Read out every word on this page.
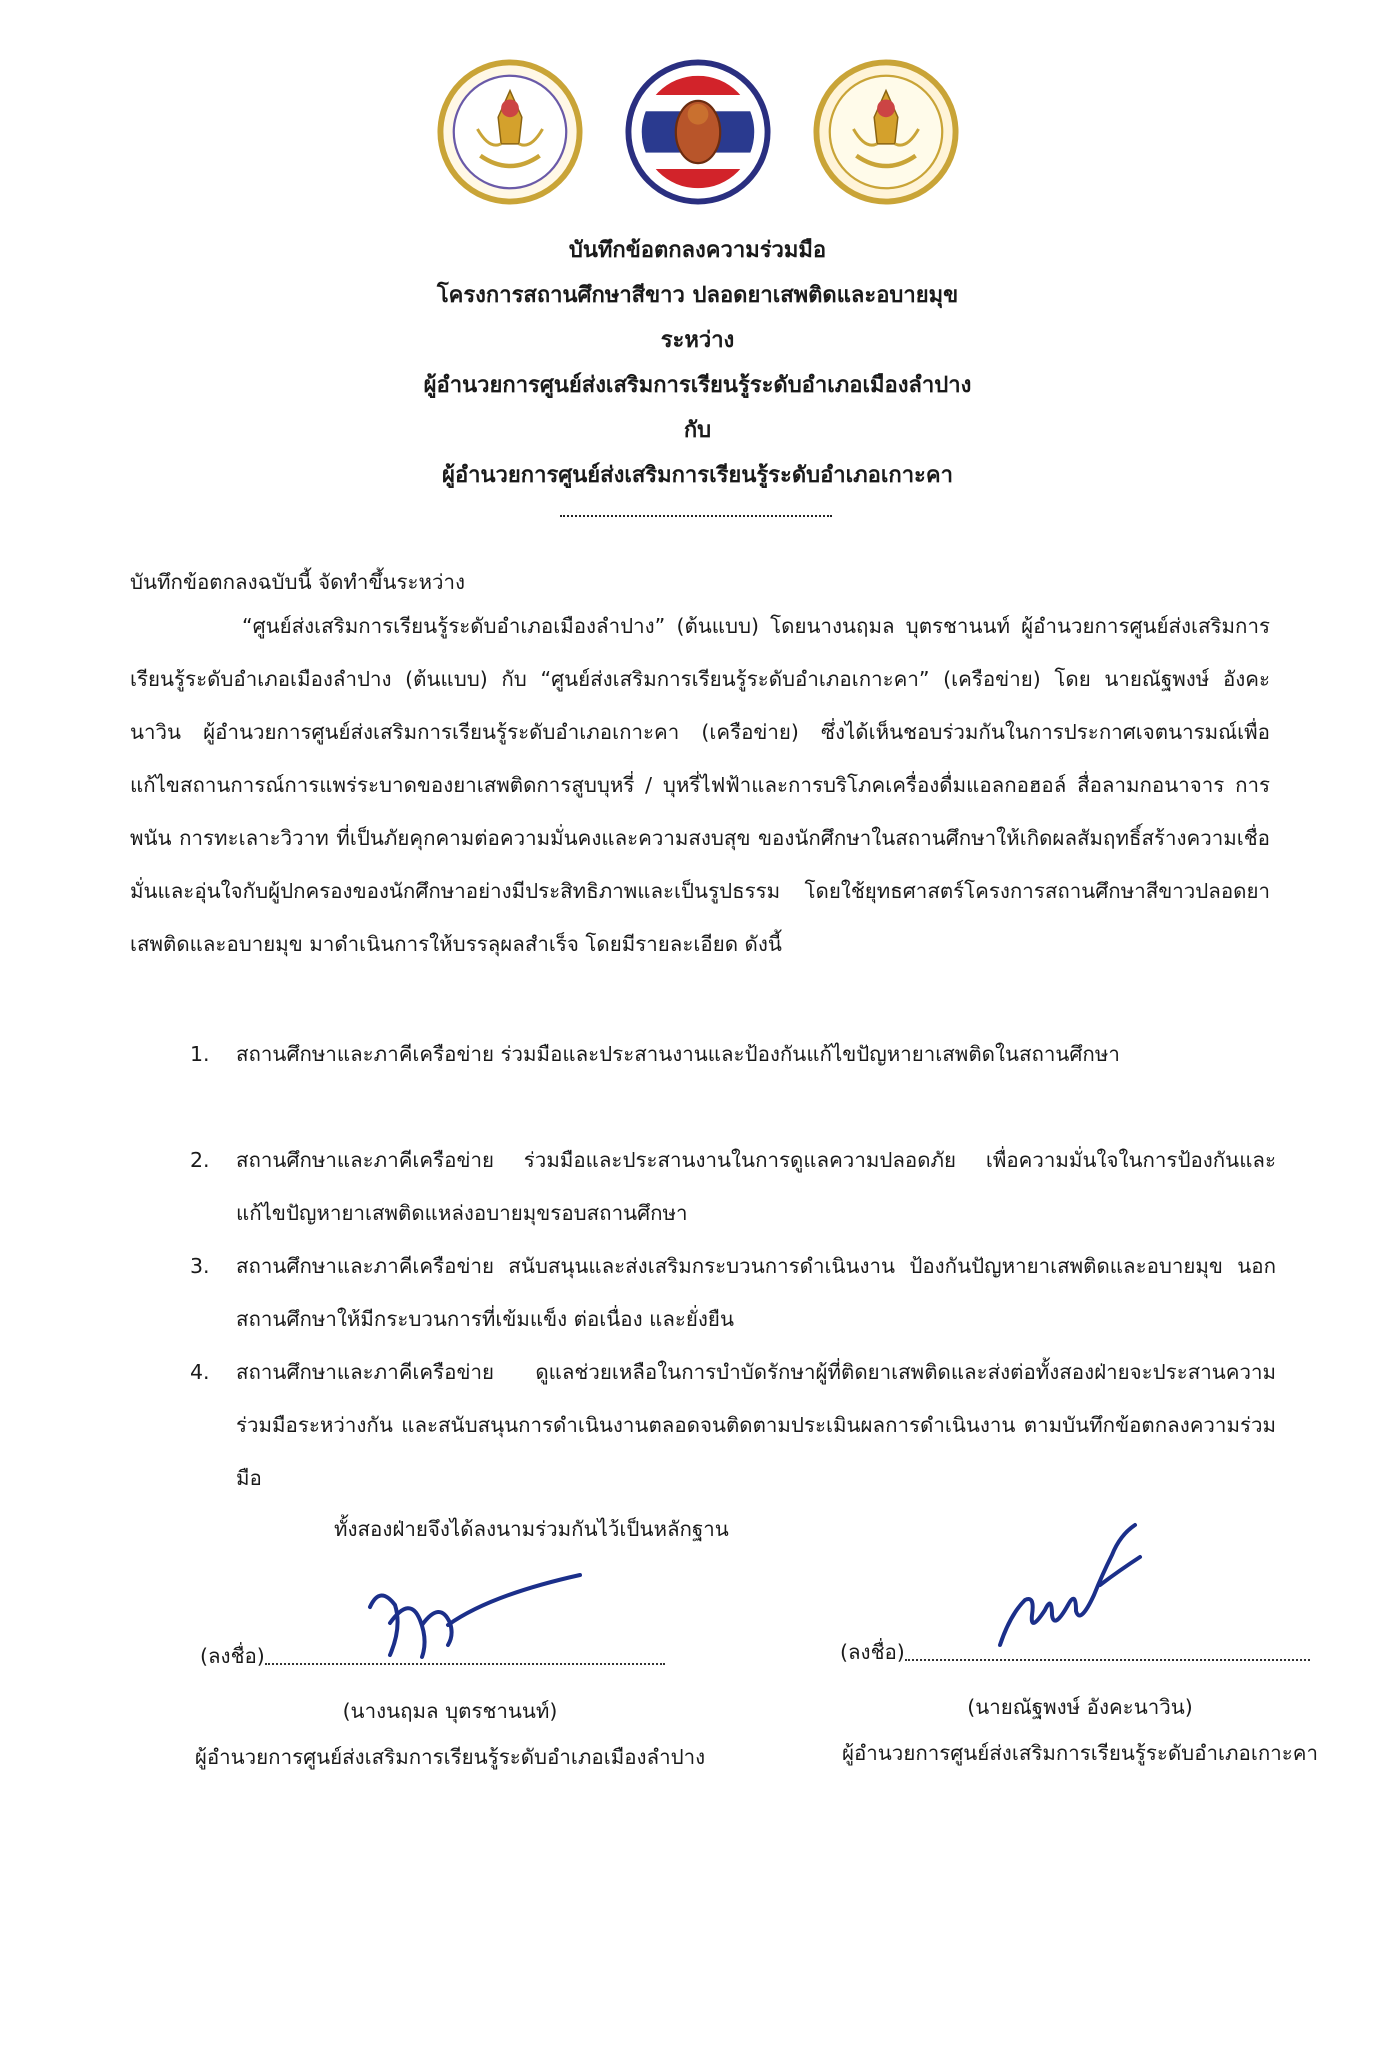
บันทึกข้อตกลงความร่วมมือ
โครงการสถานศึกษาสีขาว ปลอดยาเสพติดและอบายมุข
ระหว่าง
ผู้อำนวยการศูนย์ส่งเสริมการเรียนรู้ระดับอำเภอเมืองลำปาง
กับ
ผู้อำนวยการศูนย์ส่งเสริมการเรียนรู้ระดับอำเภอเกาะคา

บันทึกข้อตกลงฉบับนี้ จัดทำขึ้นระหว่าง

“ศูนย์ส่งเสริมการเรียนรู้ระดับอำเภอเมืองลำปาง” (ต้นแบบ) โดยนางนฤมล บุตรชานนท์ ผู้อำนวยการศูนย์ส่งเสริมการเรียนรู้ระดับอำเภอเมืองลำปาง (ต้นแบบ) กับ “ศูนย์ส่งเสริมการเรียนรู้ระดับอำเภอเกาะคา” (เครือข่าย) โดย นายณัฐพงษ์ อังคะนาวิน ผู้อำนวยการศูนย์ส่งเสริมการเรียนรู้ระดับอำเภอเกาะคา (เครือข่าย) ซึ่งได้เห็นชอบร่วมกันในการประกาศเจตนารมณ์เพื่อแก้ไขสถานการณ์การแพร่ระบาดของยาเสพติดการสูบบุหรี่ / บุหรี่ไฟฟ้าและการบริโภคเครื่องดื่มแอลกอฮอล์ สื่อลามกอนาจาร การพนัน การทะเลาะวิวาท ที่เป็นภัยคุกคามต่อความมั่นคงและความสงบสุข ของนักศึกษาในสถานศึกษาให้เกิดผลสัมฤทธิ์สร้างความเชื่อมั่นและอุ่นใจกับผู้ปกครองของนักศึกษาอย่างมีประสิทธิภาพและเป็นรูปธรรม โดยใช้ยุทธศาสตร์โครงการสถานศึกษาสีขาวปลอดยาเสพติดและอบายมุข มาดำเนินการให้บรรลุผลสำเร็จ โดยมีรายละเอียด ดังนี้

1. สถานศึกษาและภาคีเครือข่าย ร่วมมือและประสานงานและป้องกันแก้ไขปัญหายาเสพติดในสถานศึกษา
2. สถานศึกษาและภาคีเครือข่าย ร่วมมือและประสานงานในการดูแลความปลอดภัย เพื่อความมั่นใจในการป้องกันและแก้ไขปัญหายาเสพติดแหล่งอบายมุขรอบสถานศึกษา
3. สถานศึกษาและภาคีเครือข่าย สนับสนุนและส่งเสริมกระบวนการดำเนินงาน ป้องกันปัญหายาเสพติดและอบายมุข นอกสถานศึกษาให้มีกระบวนการที่เข้มแข็ง ต่อเนื่อง และยั่งยืน
4. สถานศึกษาและภาคีเครือข่าย ดูแลช่วยเหลือในการบำบัดรักษาผู้ที่ติดยาเสพติดและส่งต่อทั้งสองฝ่ายจะประสานความร่วมมือระหว่างกัน และสนับสนุนการดำเนินงานตลอดจนติดตามประเมินผลการดำเนินงาน ตามบันทึกข้อตกลงความร่วมมือ

ทั้งสองฝ่ายจึงได้ลงนามร่วมกันไว้เป็นหลักฐาน

(ลงชื่อ)
(นางนฤมล บุตรชานนท์)
ผู้อำนวยการศูนย์ส่งเสริมการเรียนรู้ระดับอำเภอเมืองลำปาง
(ลงชื่อ)
(นายณัฐพงษ์ อังคะนาวิน)
ผู้อำนวยการศูนย์ส่งเสริมการเรียนรู้ระดับอำเภอเกาะคา
